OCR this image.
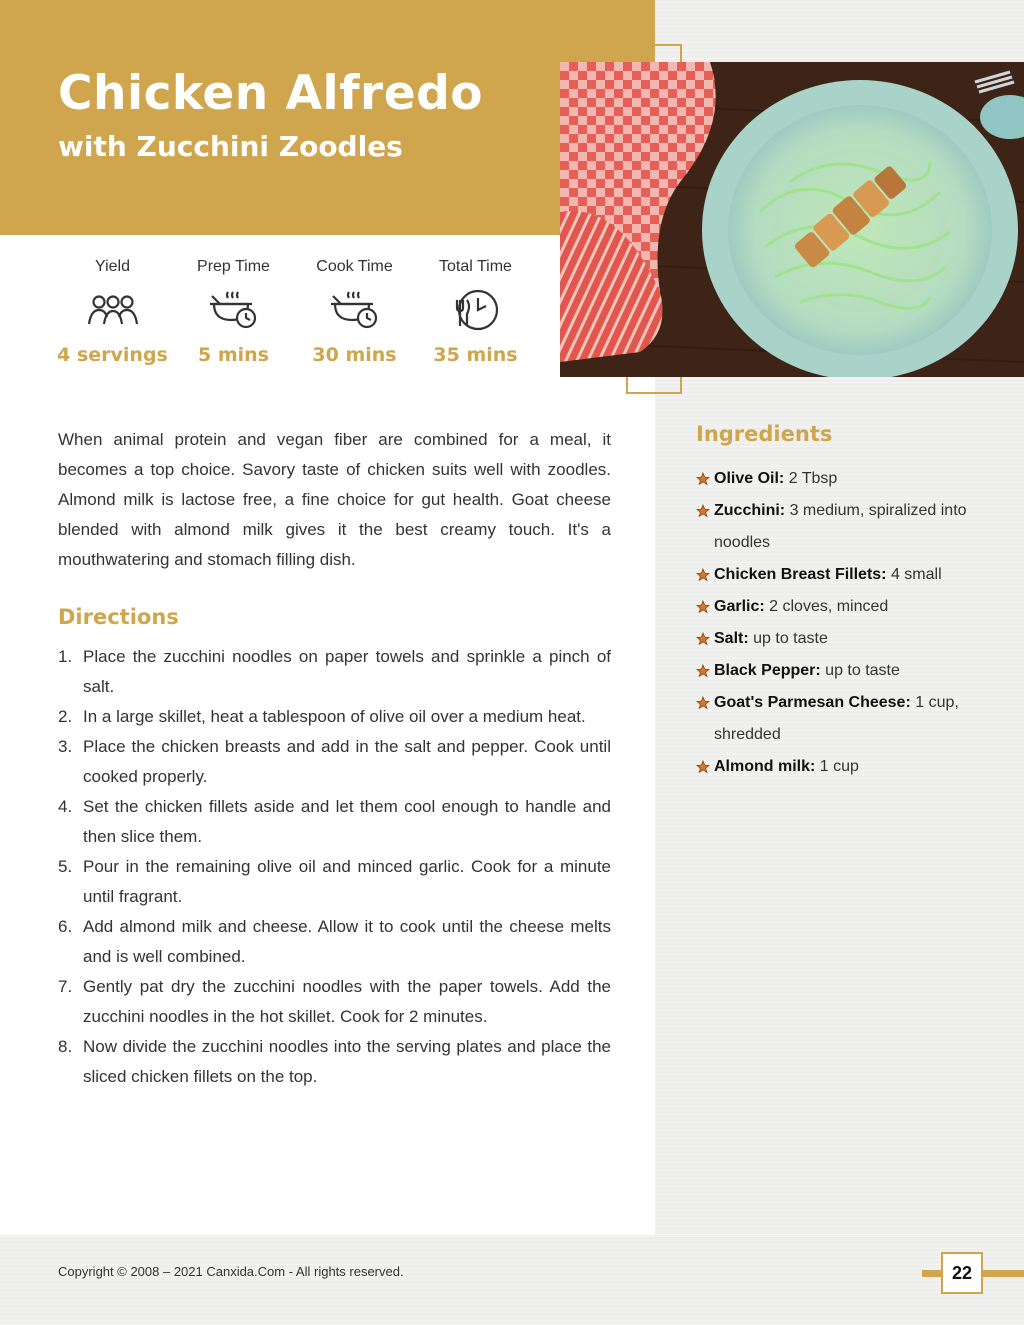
Chicken Alfredo
with Zucchini Zoodles
Yield
4 servings
Prep Time
5 mins
Cook Time
30 mins
Total Time
35 mins

When animal protein and vegan fiber are combined for a meal, it becomes a top choice. Savory taste of chicken suits well with zoodles. Almond milk is lactose free, a fine choice for gut health. Goat cheese blended with almond milk gives it the best creamy touch. It's a mouthwatering and stomach filling dish.

Directions
1. Place the zucchini noodles on paper towels and sprinkle a pinch of salt.
2. In a large skillet, heat a tablespoon of olive oil over a medium heat.
3. Place the chicken breasts and add in the salt and pepper. Cook until cooked properly.
4. Set the chicken fillets aside and let them cool enough to handle and then slice them.
5. Pour in the remaining olive oil and minced garlic. Cook for a minute until fragrant.
6. Add almond milk and cheese. Allow it to cook until the cheese melts and is well combined.
7. Gently pat dry the zucchini noodles with the paper towels. Add the zucchini noodles in the hot skillet. Cook for 2 minutes.
8. Now divide the zucchini noodles into the serving plates and place the sliced chicken fillets on the top.
Ingredients
Olive Oil: 2 Tbsp
Zucchini: 3 medium, spiralized into noodles
Chicken Breast Fillets: 4 small
Garlic: 2 cloves, minced
Salt: up to taste
Black Pepper: up to taste
Goat's Parmesan Cheese: 1 cup, shredded
Almond milk: 1 cup
Copyright © 2008 – 2021 Canxida.Com - All rights reserved.	22
